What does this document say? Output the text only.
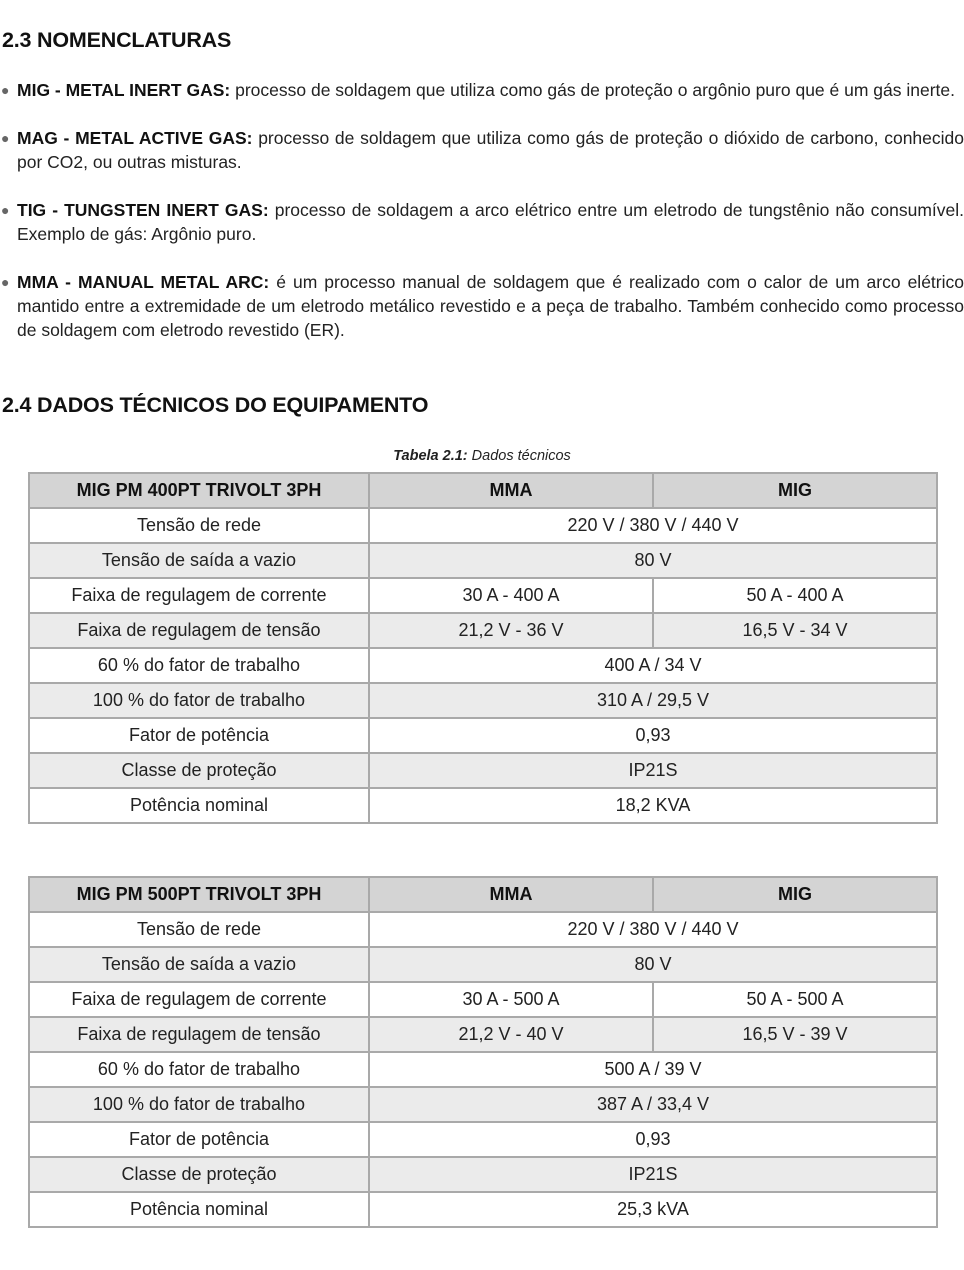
2.3 NOMENCLATURAS

● MIG - METAL INERT GAS: processo de soldagem que utiliza como gás de proteção o argônio puro que é um gás inerte.

● MAG - METAL ACTIVE GAS: processo de soldagem que utiliza como gás de proteção o dióxido de carbono, conhecido por CO2, ou outras misturas.

● TIG - TUNGSTEN INERT GAS: processo de soldagem a arco elétrico entre um eletrodo de tungstênio não consumível. Exemplo de gás: Argônio puro.

● MMA - MANUAL METAL ARC: é um processo manual de soldagem que é realizado com o calor de um arco elétrico mantido entre a extremidade de um eletrodo metálico revestido e a peça de trabalho. Também conhecido como processo de soldagem com eletrodo revestido (ER).

2.4 DADOS TÉCNICOS DO EQUIPAMENTO
Tabela 2.1: Dados técnicos
MIG PM 400PT TRIVOLT 3PH	MMA	MIG
Tensão de rede	220 V / 380 V / 440 V	
Tensão de saída a vazio	80 V	
Faixa de regulagem de corrente	30 A - 400 A	50 A - 400 A
Faixa de regulagem de tensão	21,2 V - 36 V	16,5 V - 34 V
60 % do fator de trabalho	400 A / 34 V	
100 % do fator de trabalho	310 A / 29,5 V	
Fator de potência	0,93	
Classe de proteção	IP21S	
Potência nominal	18,2 KVA	
MIG PM 500PT TRIVOLT 3PH	MMA	MIG
Tensão de rede	220 V / 380 V / 440 V	
Tensão de saída a vazio	80 V	
Faixa de regulagem de corrente	30 A - 500 A	50 A - 500 A
Faixa de regulagem de tensão	21,2 V - 40 V	16,5 V - 39 V
60 % do fator de trabalho	500 A / 39 V	
100 % do fator de trabalho	387 A / 33,4 V	
Fator de potência	0,93	
Classe de proteção	IP21S	
Potência nominal	25,3 kVA	
